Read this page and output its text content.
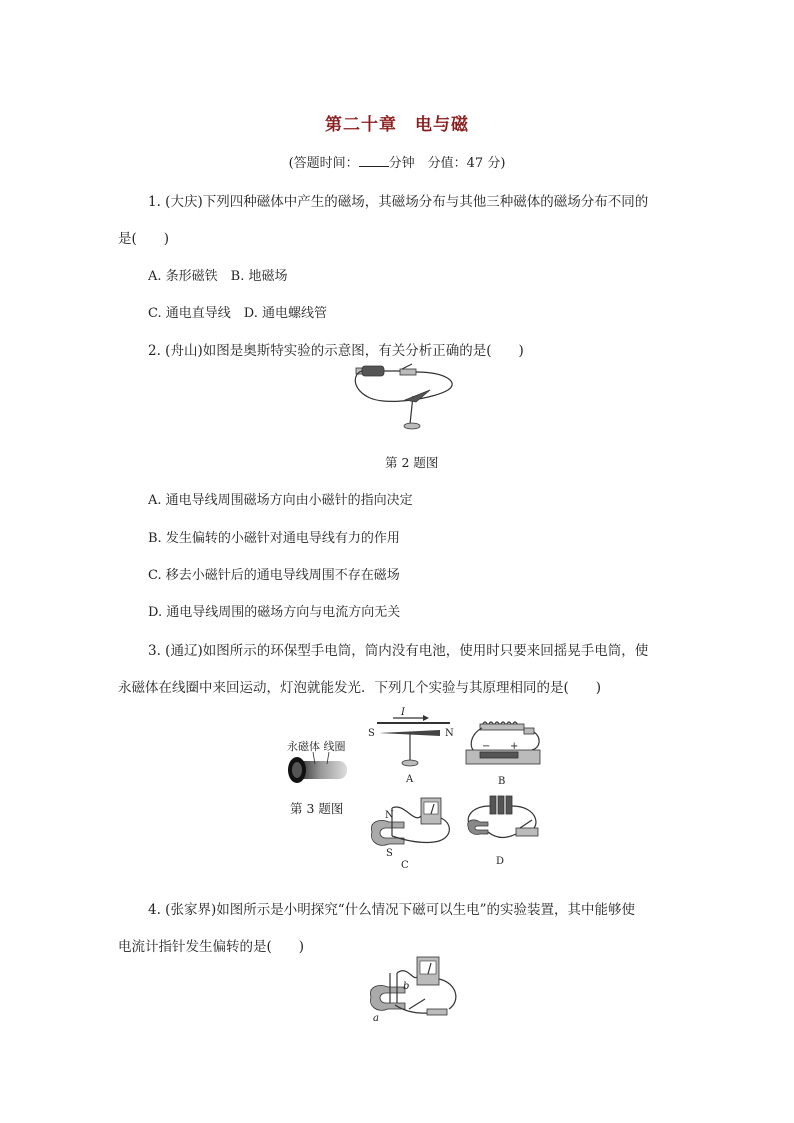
第二十章　电与磁
(答题时间： 分钟　分值：47 分)
1. (大庆)下列四种磁体中产生的磁场，其磁场分布与其他三种磁体的磁场分布不同的
是(　　)
A. 条形磁铁　B. 地磁场
C. 通电直导线　D. 通电螺线管
2. (舟山)如图是奥斯特实验的示意图，有关分析正确的是(　　)
第 2 题图
A. 通电导线周围磁场方向由小磁针的指向决定
B. 发生偏转的小磁针对通电导线有力的作用
C. 移去小磁针后的通电导线周围不存在磁场
D. 通电导线周围的磁场方向与电流方向无关
3. (通辽)如图所示的环保型手电筒，筒内没有电池，使用时只要来回摇晃手电筒，使
永磁体在线圈中来回运动，灯泡就能发光．下列几个实验与其原理相同的是(　　)
永磁体 线圈
第 3 题图
I
S	N
A
− +
B
N
S
C	D
4. (张家界)如图所示是小明探究“什么情况下磁可以生电”的实验装置，其中能够使
电流计指针发生偏转的是(　　)
b
a
